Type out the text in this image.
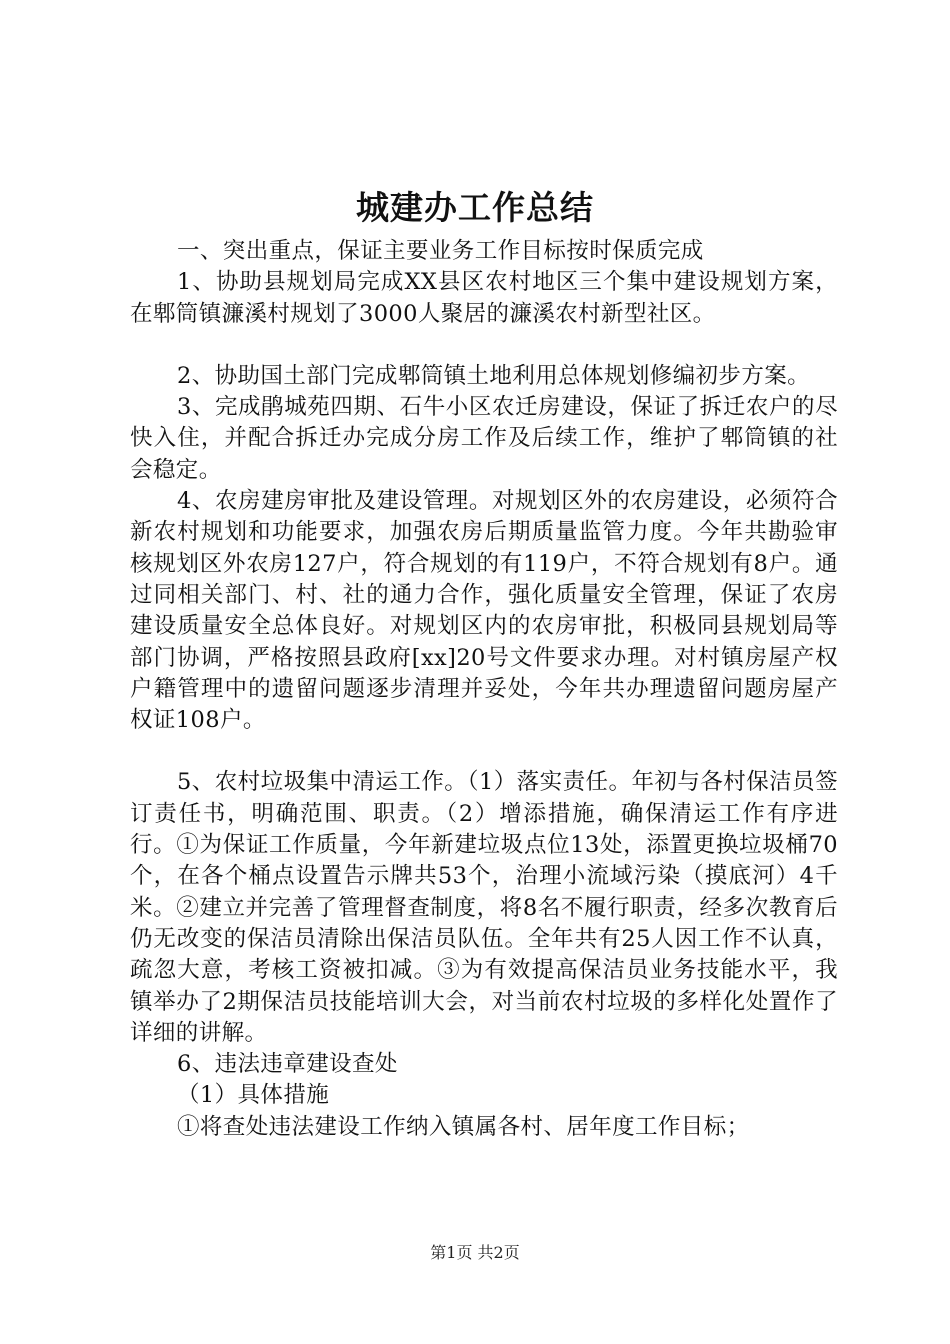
城建办工作总结

一、突出重点，保证主要业务工作目标按时保质完成

1、协助县规划局完成XX县区农村地区三个集中建设规划方案，在郫筒镇濂溪村规划了3000人聚居的濂溪农村新型社区。

2、协助国土部门完成郫筒镇土地利用总体规划修编初步方案。

3、完成鹃城苑四期、石牛小区农迁房建设，保证了拆迁农户的尽快入住，并配合拆迁办完成分房工作及后续工作，维护了郫筒镇的社会稳定。

4、农房建房审批及建设管理。对规划区外的农房建设，必须符合新农村规划和功能要求，加强农房后期质量监管力度。今年共勘验审核规划区外农房127户，符合规划的有119户，不符合规划有8户。通过同相关部门、村、社的通力合作，强化质量安全管理，保证了农房建设质量安全总体良好。对规划区内的农房审批，积极同县规划局等部门协调，严格按照县政府[xx]20号文件要求办理。对村镇房屋产权户籍管理中的遗留问题逐步清理并妥处，今年共办理遗留问题房屋产权证108户。

5、农村垃圾集中清运工作。（1）落实责任。年初与各村保洁员签订责任书，明确范围、职责。（2）增添措施，确保清运工作有序进行。①为保证工作质量，今年新建垃圾点位13处，添置更换垃圾桶70个，在各个桶点设置告示牌共53个，治理小流域污染（摸底河）4千米。②建立并完善了管理督查制度，将8名不履行职责，经多次教育后仍无改变的保洁员清除出保洁员队伍。全年共有25人因工作不认真，疏忽大意，考核工资被扣减。③为有效提高保洁员业务技能水平，我镇举办了2期保洁员技能培训大会，对当前农村垃圾的多样化处置作了详细的讲解。

6、违法违章建设查处

（1）具体措施

①将查处违法建设工作纳入镇属各村、居年度工作目标；

第1页 共2页
